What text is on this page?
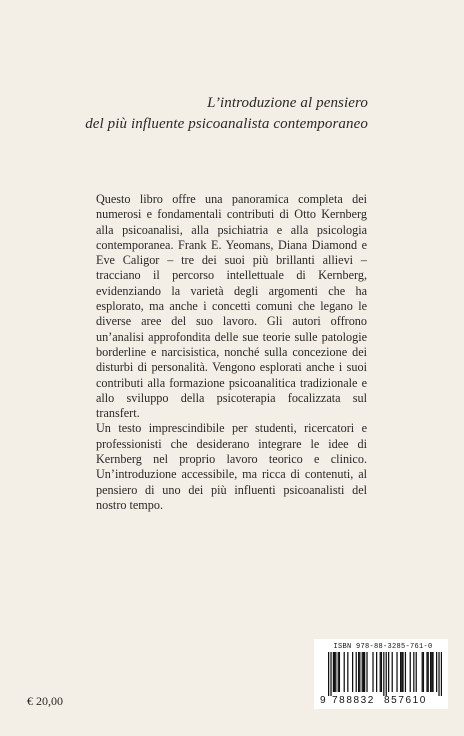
L’introduzione al pensiero
del più influente psicoanalista contemporaneo

Questo libro offre una panoramica completa dei numerosi e fondamentali contributi di Otto Kernberg alla psicoanalisi, alla psichiatria e alla psicologia contemporanea. Frank E. Yeomans, Diana Diamond e Eve Caligor – tre dei suoi più brillanti allievi – tracciano il percorso intellettuale di Kernberg, evidenziando la varietà degli argomenti che ha esplorato, ma anche i concetti comuni che legano le diverse aree del suo lavoro. Gli autori offrono un’analisi approfondita delle sue teorie sulle patologie borderline e narcisistica, nonché sulla concezione dei disturbi di personalità. Vengono esplorati anche i suoi contributi alla formazione psicoanalitica tradizionale e allo sviluppo della psicoterapia focalizzata sul transfert.

Un testo imprescindibile per studenti, ricercatori e professionisti che desiderano integrare le idee di Kernberg nel proprio lavoro teorico e clinico. Un’introduzione accessibile, ma ricca di contenuti, al pensiero di uno dei più influenti psicoanalisti del nostro tempo.

€ 20,00
ISBN 978-88-3285-761-0
9 788832 857610
